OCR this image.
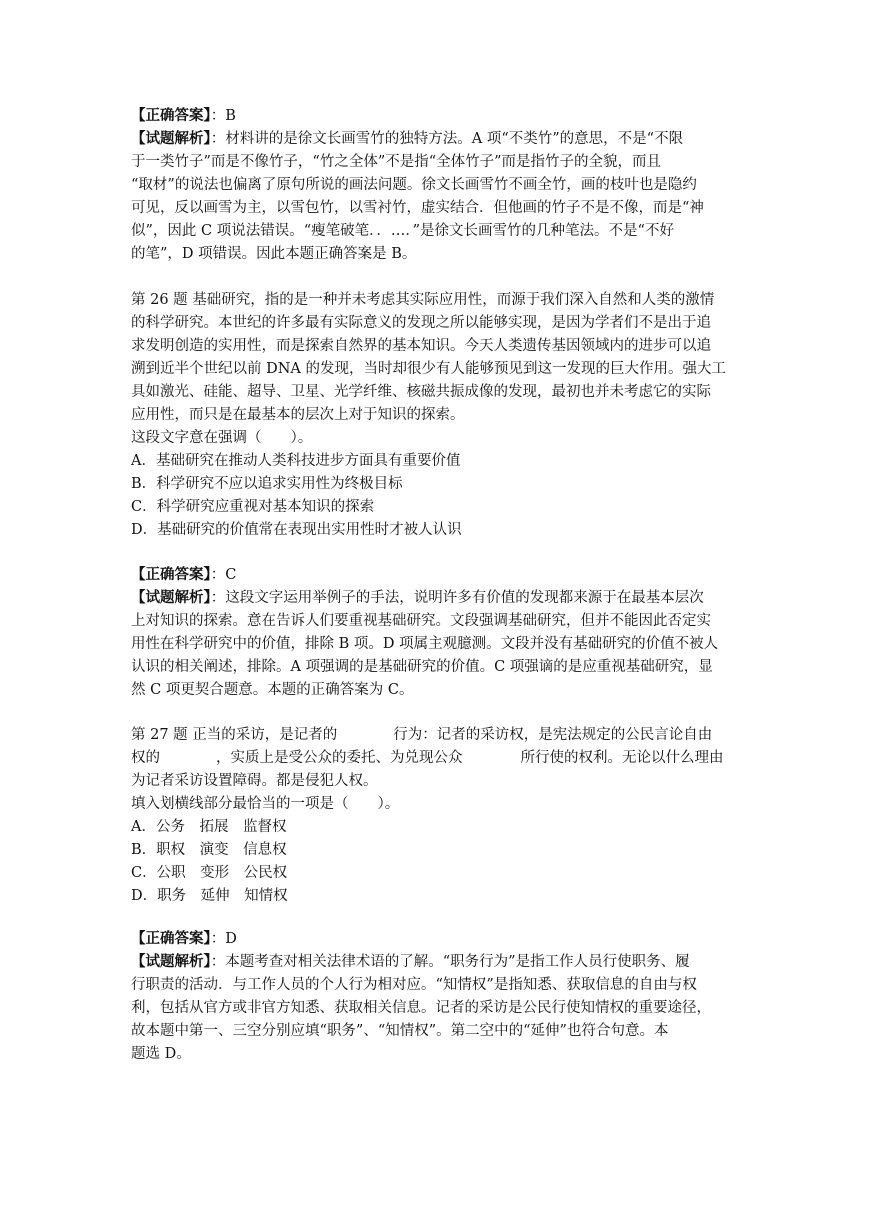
【正确答案】：B
【试题解析】：材料讲的是徐文长画雪竹的独特方法。A 项“不类竹”的意思，不是“不限
于一类竹子”而是不像竹子，“竹之全体”不是指“全体竹子”而是指竹子的全貌，而且
“取材”的说法也偏离了原句所说的画法问题。徐文长画雪竹不画全竹，画的枝叶也是隐约
可见，反以画雪为主，以雪包竹，以雪衬竹，虚实结合．但他画的竹子不是不像，而是“神
似”，因此 C 项说法错误。“瘦笔破笔．．…．”是徐文长画雪竹的几种笔法。不是“不好
的笔”，D 项错误。因此本题正确答案是 B。
第 26 题 基础研究，指的是一种并未考虑其实际应用性，而源于我们深入自然和人类的激情
的科学研究。本世纪的许多最有实际意义的发现之所以能够实现，是因为学者们不是出于追
求发明创造的实用性，而是探索自然界的基本知识。今天人类遗传基因领域内的进步可以追
溯到近半个世纪以前 DNA 的发现，当时却很少有人能够预见到这一发现的巨大作用。强大工
具如激光、硅能、超导、卫星、光学纤维、核磁共振成像的发现，最初也并未考虑它的实际
应用性，而只是在最基本的层次上对于知识的探索。
这段文字意在强调（　　）。
A．基础研究在推动人类科技进步方面具有重要价值
B．科学研究不应以追求实用性为终极目标
C．科学研究应重视对基本知识的探索
D．基础研究的价值常在表现出实用性时才被人认识
【正确答案】：C
【试题解析】：这段文字运用举例子的手法，说明许多有价值的发现都来源于在最基本层次
上对知识的探索。意在告诉人们要重视基础研究。文段强调基础研究，但并不能因此否定实
用性在科学研究中的价值，排除 B 项。D 项属主观臆测。文段并没有基础研究的价值不被人
认识的相关阐述，排除。A 项强调的是基础研究的价值。C 项强谪的是应重视基础研究，显
然 C 项更契合题意。本题的正确答案为 C。
第 27 题 正当的采访，是记者的	行为：记者的采访权，是宪法规定的公民言论自由
权的	，实质上是受公众的委托、为兑现公众	所行使的权利。无论以什么理由
为记者采访设置障碍。都是侵犯人权。
填入划横线部分最恰当的一项是（　　）。
A．公务　拓展　监督权
B．职权　演变　信息权
C．公职　变形　公民权
D．职务　延伸　知情权
【正确答案】：D
【试题解析】：本题考查对相关法律术语的了解。“职务行为”是指工作人员行使职务、履
行职责的活动．与工作人员的个人行为相对应。“知情权”是指知悉、获取信息的自由与权
利，包括从官方或非官方知悉、获取相关信息。记者的采访是公民行使知情权的重要途径，
故本题中第一、三空分别应填“职务”、“知情权”。第二空中的“延伸”也符合句意。本
题选 D。
